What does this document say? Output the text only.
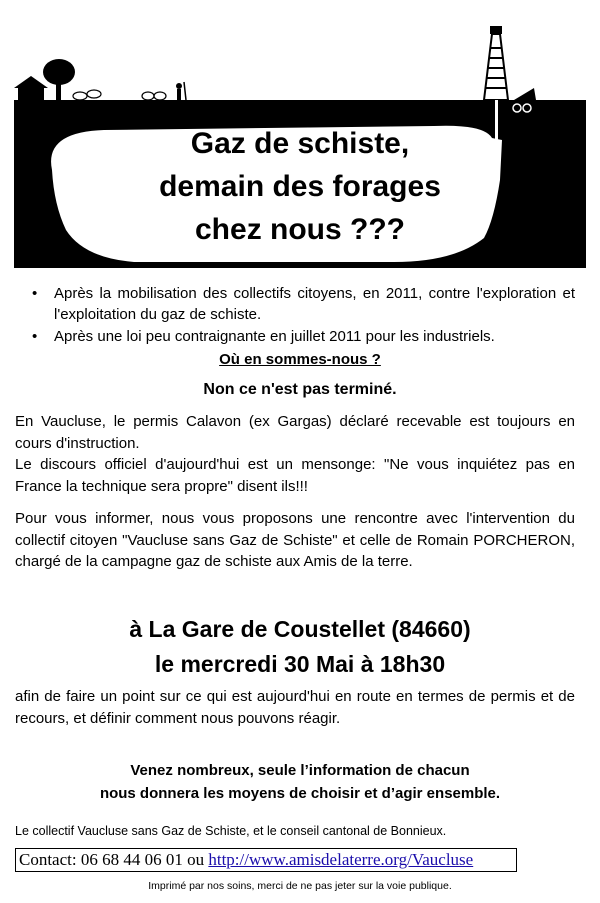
Gaz de schiste,
demain des forages
chez nous ???
• Après la mobilisation des collectifs citoyens, en 2011, contre l'exploration et l'exploitation du gaz de schiste.
• Après une loi peu contraignante en juillet 2011 pour les industriels.
Où en sommes-nous ?
Non ce n'est pas terminé.
En Vaucluse, le permis Calavon (ex Gargas) déclaré recevable est toujours en cours d'instruction.
Le discours officiel d'aujourd'hui est un mensonge: "Ne vous inquiétez pas en France la technique sera propre" disent ils!!!

Pour vous informer, nous vous proposons une rencontre avec l'intervention du collectif citoyen "Vaucluse sans Gaz de Schiste" et celle de Romain PORCHERON, chargé de la campagne gaz de schiste aux Amis de la terre.

à La Gare de Coustellet (84660)
le mercredi 30 Mai à 18h30

afin de faire un point sur ce qui est aujourd'hui en route en termes de permis et de recours, et définir comment nous pouvons réagir.

Venez nombreux, seule l’information de chacun
nous donnera les moyens de choisir et d’agir ensemble.
Le collectif Vaucluse sans Gaz de Schiste, et le conseil cantonal de Bonnieux.
Contact: 06 68 44 06 01 ou http://www.amisdelaterre.org/Vaucluse
Imprimé par nos soins, merci de ne pas jeter sur la voie publique.
